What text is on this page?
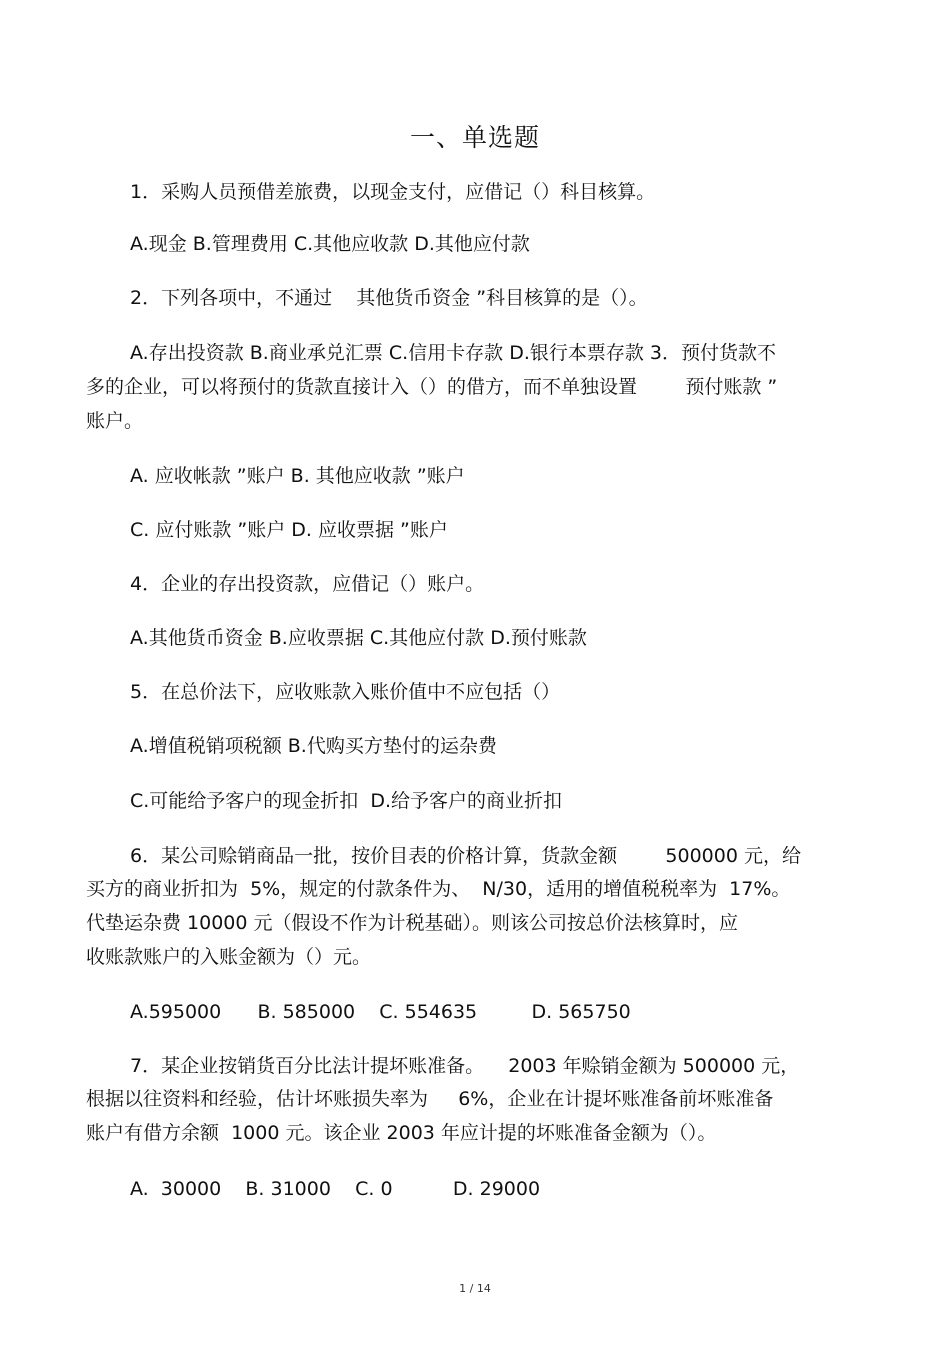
一、单选题
1．采购人员预借差旅费，以现金支付，应借记（）科目核算。
A.现金 B.管理费用 C.其他应收款 D.其他应付款
2．下列各项中，不通过    其他货币资金 ”科目核算的是（）。
A.存出投资款 B.商业承兑汇票 C.信用卡存款 D.银行本票存款 3．预付货款不
多的企业，可以将预付的货款直接计入（）的借方，而不单独设置        预付账款 ”
账户。
A. 应收帐款 ”账户 B. 其他应收款 ”账户
C. 应付账款 ”账户 D. 应收票据 ”账户
4．企业的存出投资款，应借记（）账户。
A.其他货币资金 B.应收票据 C.其他应付款 D.预付账款
5．在总价法下，应收账款入账价值中不应包括（）
A.增值税销项税额 B.代购买方垫付的运杂费
C.可能给予客户的现金折扣  D.给予客户的商业折扣
6．某公司赊销商品一批，按价目表的价格计算，货款金额        500000 元，给
买方的商业折扣为  5%，规定的付款条件为、  N/30，适用的增值税税率为  17%。
代垫运杂费 10000 元（假设不作为计税基础）。则该公司按总价法核算时，应
收账款账户的入账金额为（）元。
A.595000      B. 585000    C. 554635         D. 565750
7．某企业按销货百分比法计提坏账准备。    2003 年赊销金额为 500000 元，
根据以往资料和经验，估计坏账损失率为     6%，企业在计提坏账准备前坏账准备
账户有借方余额  1000 元。该企业 2003 年应计提的坏账准备金额为（）。
A.  30000    B. 31000    C. 0          D. 29000
1 / 14
